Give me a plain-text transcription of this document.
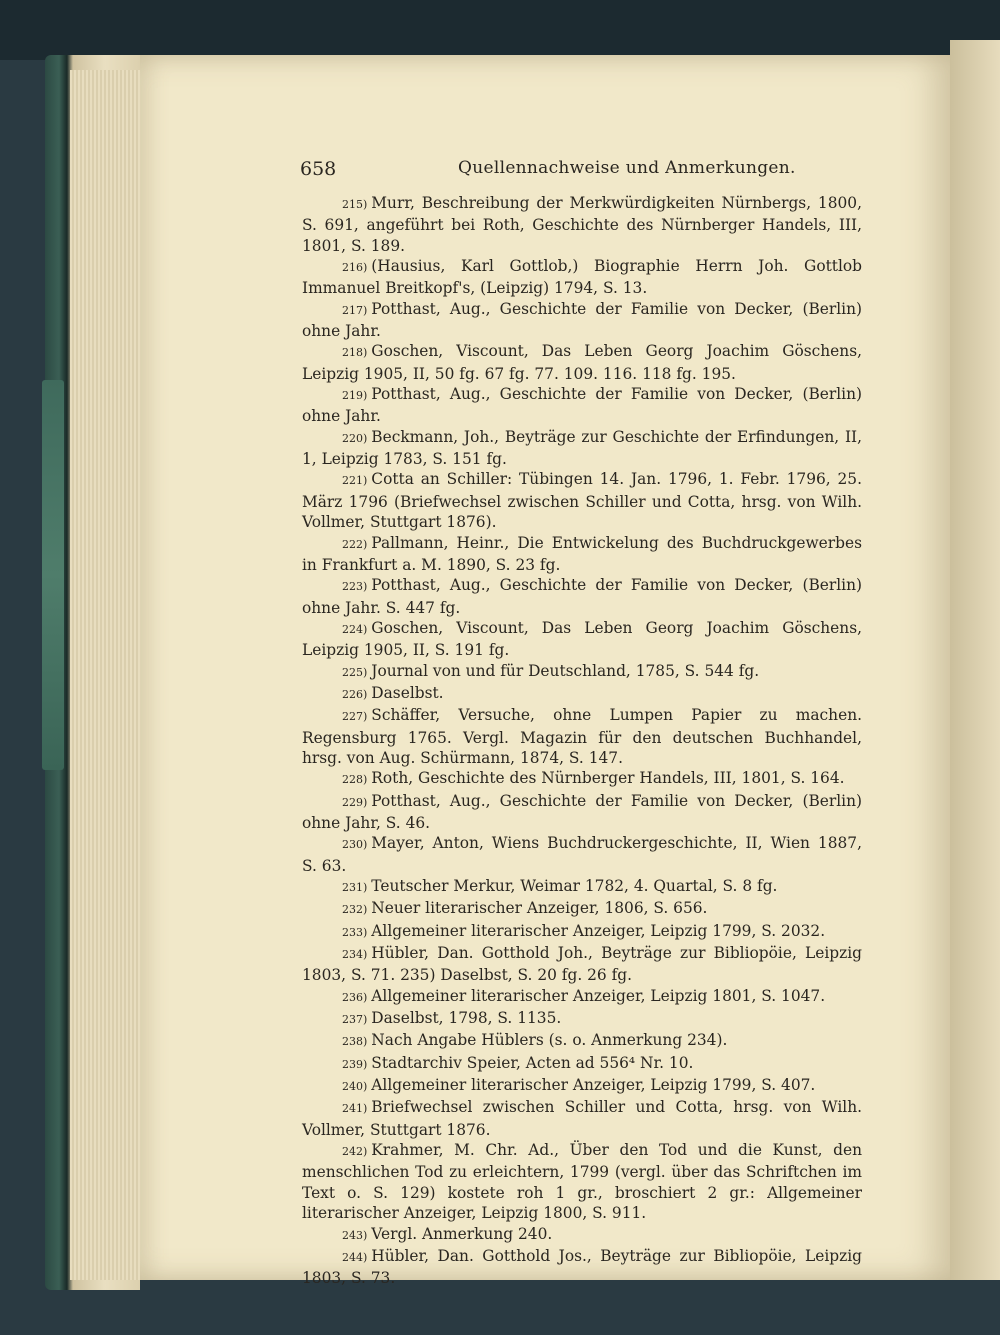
658	Quellennachweise und Anmerkungen.

215) Murr, Beschreibung der Merkwürdigkeiten Nürnbergs, 1800, S. 691, angeführt bei Roth, Geschichte des Nürnberger Handels, III, 1801, S. 189.

216) (Hausius, Karl Gottlob,) Biographie Herrn Joh. Gottlob Immanuel Breitkopf's, (Leipzig) 1794, S. 13.

217) Potthast, Aug., Geschichte der Familie von Decker, (Berlin) ohne Jahr.

218) Goschen, Viscount, Das Leben Georg Joachim Göschens, Leipzig 1905, II, 50 fg. 67 fg. 77. 109. 116. 118 fg. 195.

219) Potthast, Aug., Geschichte der Familie von Decker, (Berlin) ohne Jahr.

220) Beckmann, Joh., Beyträge zur Geschichte der Erfindungen, II, 1, Leipzig 1783, S. 151 fg.

221) Cotta an Schiller: Tübingen 14. Jan. 1796, 1. Febr. 1796, 25. März 1796 (Briefwechsel zwischen Schiller und Cotta, hrsg. von Wilh. Vollmer, Stuttgart 1876).

222) Pallmann, Heinr., Die Entwickelung des Buchdruckgewerbes in Frankfurt a. M. 1890, S. 23 fg.

223) Potthast, Aug., Geschichte der Familie von Decker, (Berlin) ohne Jahr. S. 447 fg.

224) Goschen, Viscount, Das Leben Georg Joachim Göschens, Leipzig 1905, II, S. 191 fg.

225) Journal von und für Deutschland, 1785, S. 544 fg.

226) Daselbst.

227) Schäffer, Versuche, ohne Lumpen Papier zu machen. Regensburg 1765. Vergl. Magazin für den deutschen Buchhandel, hrsg. von Aug. Schürmann, 1874, S. 147.

228) Roth, Geschichte des Nürnberger Handels, III, 1801, S. 164.

229) Potthast, Aug., Geschichte der Familie von Decker, (Berlin) ohne Jahr, S. 46.

230) Mayer, Anton, Wiens Buchdruckergeschichte, II, Wien 1887, S. 63.

231) Teutscher Merkur, Weimar 1782, 4. Quartal, S. 8 fg.

232) Neuer literarischer Anzeiger, 1806, S. 656.

233) Allgemeiner literarischer Anzeiger, Leipzig 1799, S. 2032.

234) Hübler, Dan. Gotthold Joh., Beyträge zur Bibliopöie, Leipzig 1803, S. 71. 235) Daselbst, S. 20 fg. 26 fg.

236) Allgemeiner literarischer Anzeiger, Leipzig 1801, S. 1047.

237) Daselbst, 1798, S. 1135.

238) Nach Angabe Hüblers (s. o. Anmerkung 234).

239) Stadtarchiv Speier, Acten ad 556⁴ Nr. 10.

240) Allgemeiner literarischer Anzeiger, Leipzig 1799, S. 407.

241) Briefwechsel zwischen Schiller und Cotta, hrsg. von Wilh. Vollmer, Stuttgart 1876.

242) Krahmer, M. Chr. Ad., Über den Tod und die Kunst, den menschlichen Tod zu erleichtern, 1799 (vergl. über das Schriftchen im Text o. S. 129) kostete roh 1 gr., broschiert 2 gr.: Allgemeiner literarischer Anzeiger, Leipzig 1800, S. 911.

243) Vergl. Anmerkung 240.

244) Hübler, Dan. Gotthold Jos., Beyträge zur Bibliopöie, Leipzig 1803, S. 73.
